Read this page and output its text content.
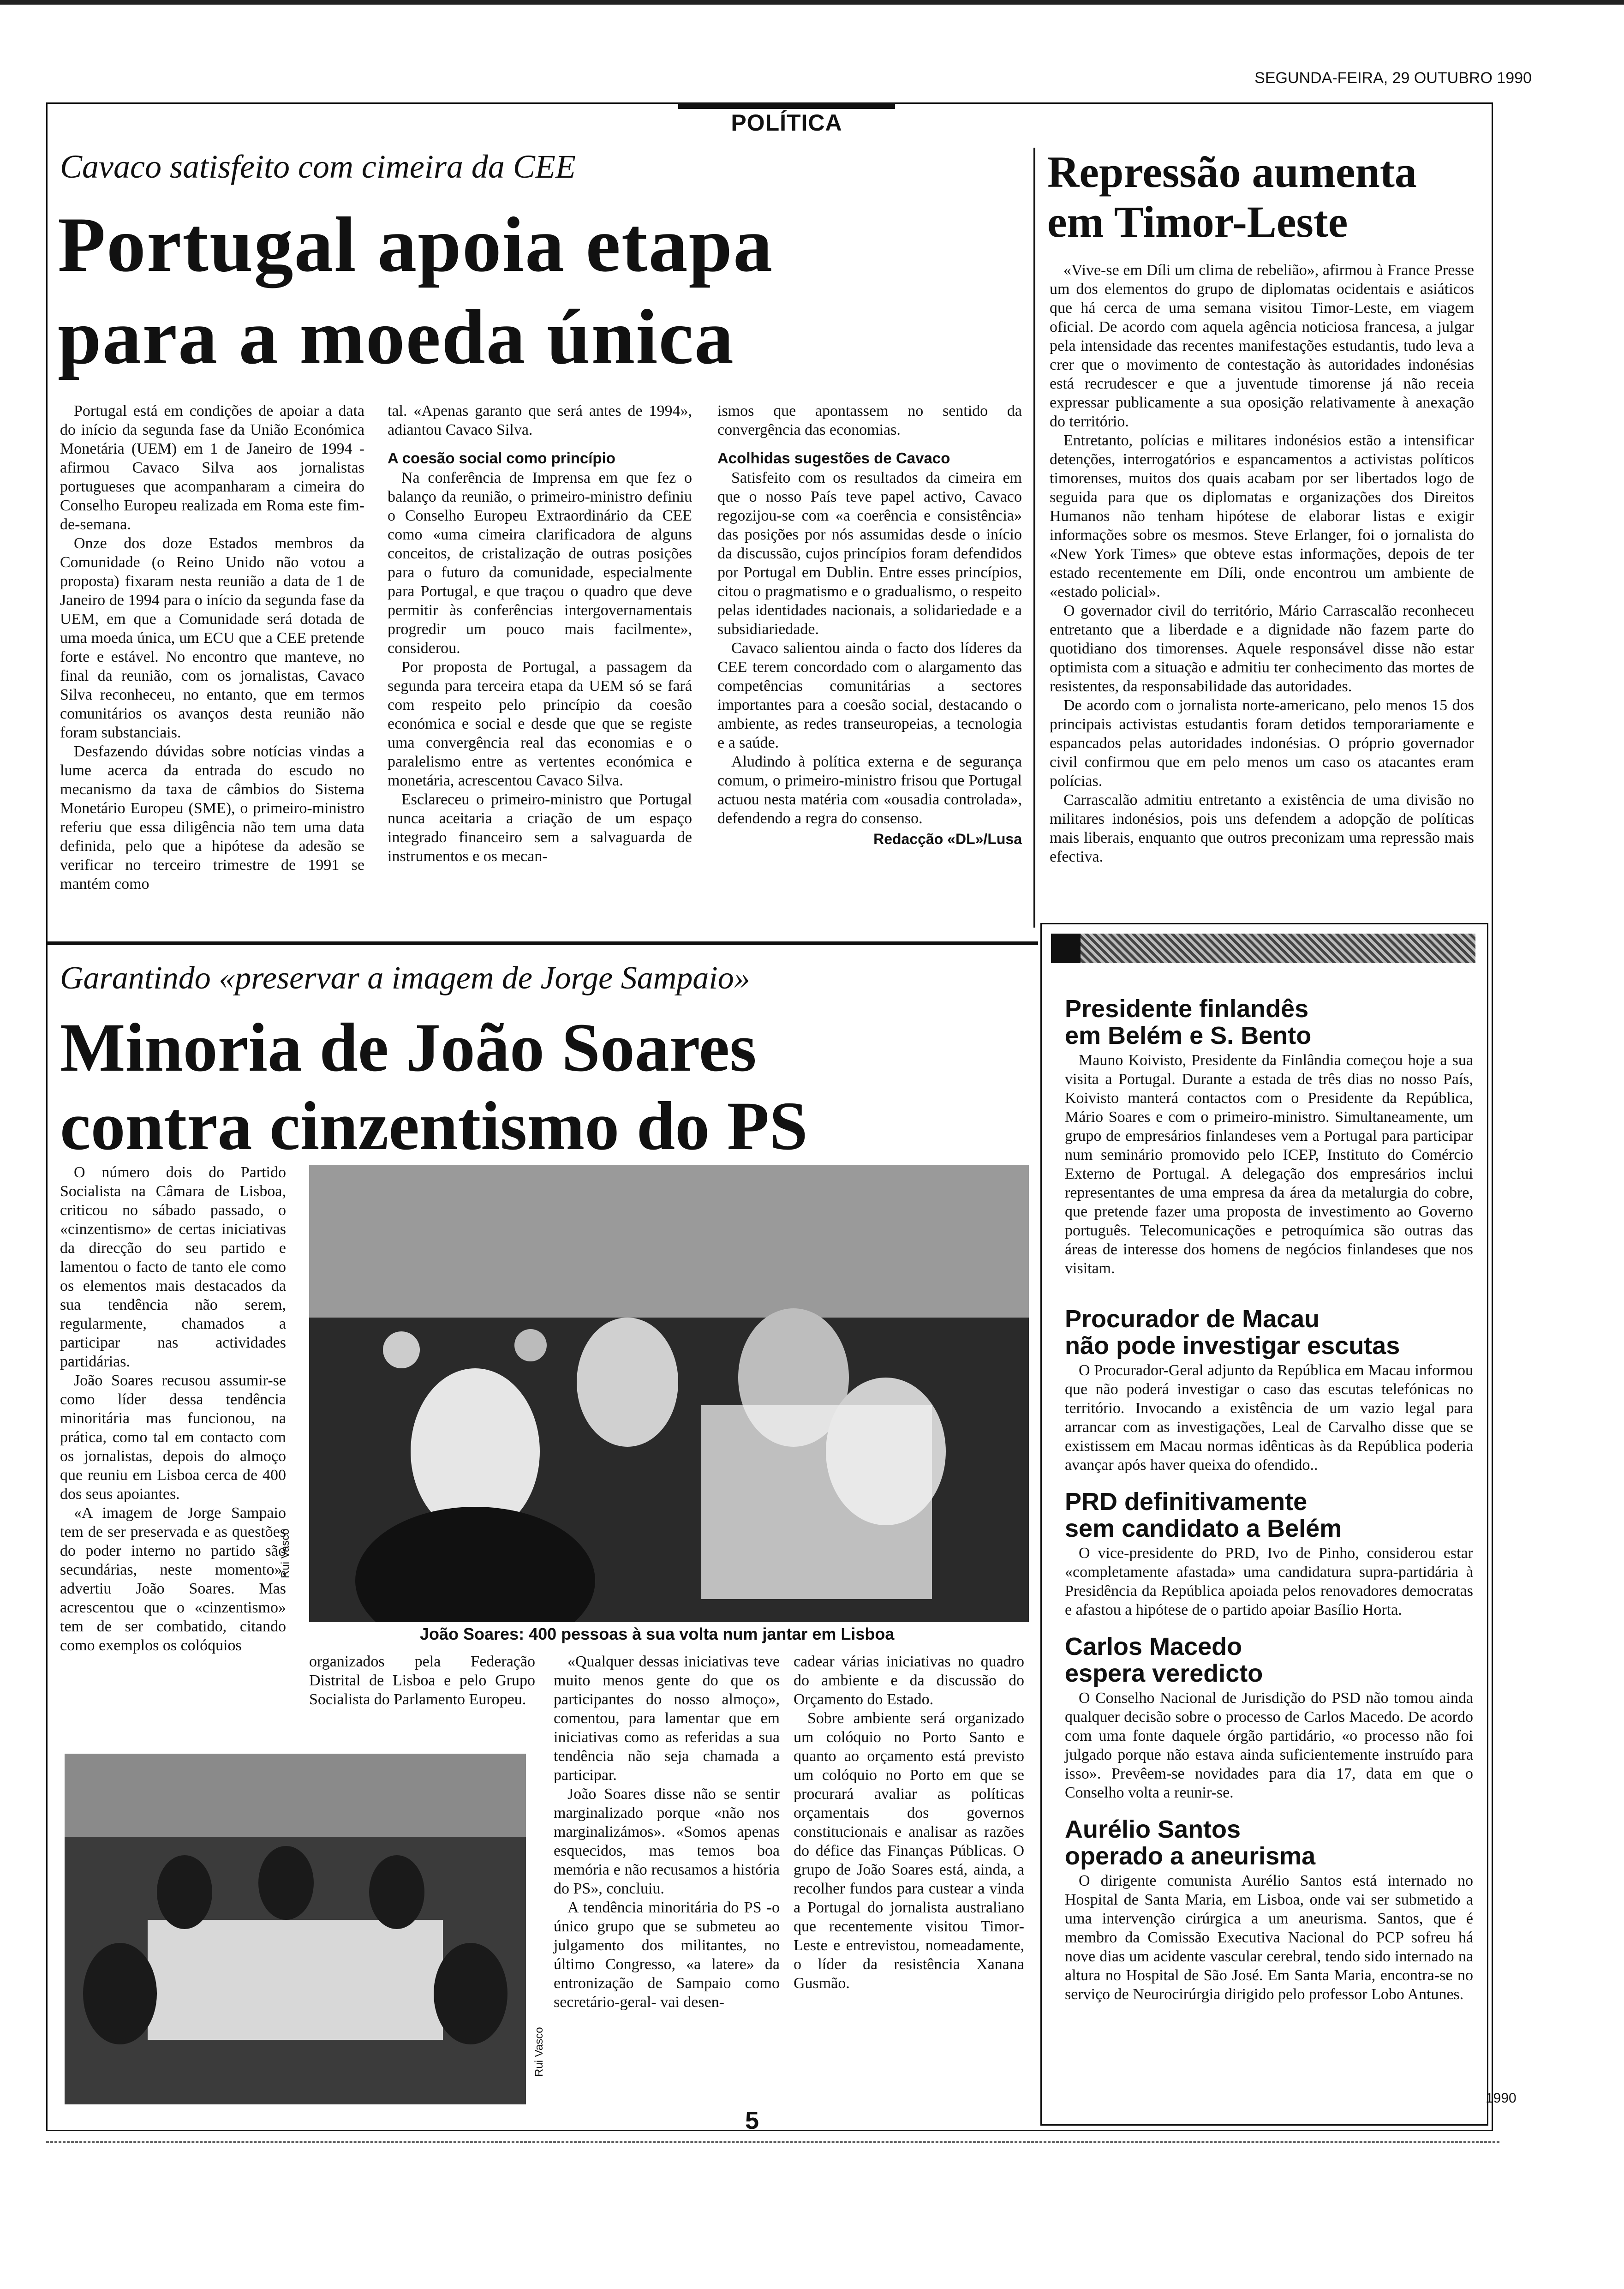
SEGUNDA-FEIRA, 29 OUTUBRO 1990
POLÍTICA
Cavaco satisfeito com cimeira da CEE
Portugal apoia etapa
para a moeda única

Portugal está em condições de apoiar a data do início da segunda fase da União Económica Monetária (UEM) em 1 de Janeiro de 1994 - afirmou Cavaco Silva aos jornalistas portugueses que acompanharam a cimeira do Conselho Europeu realizada em Roma este fim-de-semana.

Onze dos doze Estados membros da Comunidade (o Reino Unido não votou a proposta) fixaram nesta reunião a data de 1 de Janeiro de 1994 para o início da segunda fase da UEM, em que a Comunidade será dotada de uma moeda única, um ECU que a CEE pretende forte e estável. No encontro que manteve, no final da reunião, com os jornalistas, Cavaco Silva reconheceu, no entanto, que em termos comunitários os avanços desta reunião não foram substanciais.

Desfazendo dúvidas sobre notícias vindas a lume acerca da entrada do escudo no mecanismo da taxa de câmbios do Sistema Monetário Europeu (SME), o primeiro-ministro referiu que essa diligência não tem uma data definida, pelo que a hipótese da adesão se verificar no terceiro trimestre de 1991 se mantém como

tal. «Apenas garanto que será antes de 1994», adiantou Cavaco Silva.

A coesão social como princípio

Na conferência de Imprensa em que fez o balanço da reunião, o primeiro-ministro definiu o Conselho Europeu Extraordinário da CEE como «uma cimeira clarificadora de alguns conceitos, de cristalização de outras posições para o futuro da comunidade, especialmente para Portugal, e que traçou o quadro que deve permitir às conferências intergovernamentais progredir um pouco mais facilmente», considerou.

Por proposta de Portugal, a passagem da segunda para terceira etapa da UEM só se fará com respeito pelo princípio da coesão económica e social e desde que que se registe uma convergência real das economias e o paralelismo entre as vertentes económica e monetária, acrescentou Cavaco Silva.

Esclareceu o primeiro-ministro que Portugal nunca aceitaria a criação de um espaço integrado financeiro sem a salvaguarda de instrumentos e os mecan-

ismos que apontassem no sentido da convergência das economias.

Acolhidas sugestões de Cavaco

Satisfeito com os resultados da cimeira em que o nosso País teve papel activo, Cavaco regozijou-se com «a coerência e consistência» das posições por nós assumidas desde o início da discussão, cujos princípios foram defendidos por Portugal em Dublin. Entre esses princípios, citou o pragmatismo e o gradualismo, o respeito pelas identidades nacionais, a solidariedade e a subsidiariedade.

Cavaco salientou ainda o facto dos líderes da CEE terem concordado com o alargamento das competências comunitárias a sectores importantes para a coesão social, destacando o ambiente, as redes transeuropeias, a tecnologia e a saúde.

Aludindo à política externa e de segurança comum, o primeiro-ministro frisou que Portugal actuou nesta matéria com «ousadia controlada», defendendo a regra do consenso.

Redacção «DL»/Lusa
Repressão aumenta
em Timor-Leste

«Vive-se em Díli um clima de rebelião», afirmou à France Presse um dos elementos do grupo de diplomatas ocidentais e asiáticos que há cerca de uma semana visitou Timor-Leste, em viagem oficial. De acordo com aquela agência noticiosa francesa, a julgar pela intensidade das recentes manifestações estudantis, tudo leva a crer que o movimento de contestação às autoridades indonésias está recrudescer e que a juventude timorense já não receia expressar publicamente a sua oposição relativamente à anexação do território.

Entretanto, polícias e militares indonésios estão a intensificar detenções, interrogatórios e espancamentos a activistas políticos timorenses, muitos dos quais acabam por ser libertados logo de seguida para que os diplomatas e organizações dos Direitos Humanos não tenham hipótese de elaborar listas e exigir informações sobre os mesmos. Steve Erlanger, foi o jornalista do «New York Times» que obteve estas informações, depois de ter estado recentemente em Díli, onde encontrou um ambiente de «estado policial».

O governador civil do território, Mário Carrascalão reconheceu entretanto que a liberdade e a dignidade não fazem parte do quotidiano dos timorenses. Aquele responsável disse não estar optimista com a situação e admitiu ter conhecimento das mortes de resistentes, da responsabilidade das autoridades.

De acordo com o jornalista norte-americano, pelo menos 15 dos principais activistas estudantis foram detidos temporariamente e espancados pelas autoridades indonésias. O próprio governador civil confirmou que em pelo menos um caso os atacantes eram polícias.

Carrascalão admitiu entretanto a existência de uma divisão no militares indonésios, pois uns defendem a adopção de políticas mais liberais, enquanto que outros preconizam uma repressão mais efectiva.

Garantindo «preservar a imagem de Jorge Sampaio»
Minoria de João Soares
contra cinzentismo do PS

O número dois do Partido Socialista na Câmara de Lisboa, criticou no sábado passado, o «cinzentismo» de certas iniciativas da direcção do seu partido e lamentou o facto de tanto ele como os elementos mais destacados da sua tendência não serem, regularmente, chamados a participar nas actividades partidárias.

João Soares recusou assumir-se como líder dessa tendência minoritária mas funcionou, na prática, como tal em contacto com os jornalistas, depois do almoço que reuniu em Lisboa cerca de 400 dos seus apoiantes.

«A imagem de Jorge Sampaio tem de ser preservada e as questões do poder interno no partido são secundárias, neste momento», advertiu João Soares. Mas acrescentou que o «cinzentismo» tem de ser combatido, citando como exemplos os colóquios

Rui Vasco
João Soares: 400 pessoas à sua volta num jantar em Lisboa

organizados pela Federação Distrital de Lisboa e pelo Grupo Socialista do Parlamento Europeu.

«Qualquer dessas iniciativas teve muito menos gente do que os participantes do nosso almoço», comentou, para lamentar que em iniciativas como as referidas a sua tendência não seja chamada a participar.

João Soares disse não se sentir marginalizado porque «não nos marginalizámos». «Somos apenas esquecidos, mas temos boa memória e não recusamos a história do PS», concluiu.

A tendência minoritária do PS -o único grupo que se submeteu ao julgamento dos militantes, no último Congresso, «a latere» da entronização de Sampaio como secretário-geral- vai desen-

cadear várias iniciativas no quadro do ambiente e da discussão do Orçamento do Estado.

Sobre ambiente será organizado um colóquio no Porto Santo e quanto ao orçamento está previsto um colóquio no Porto em que se procurará avaliar as políticas orçamentais dos governos constitucionais e analisar as razões do défice das Finanças Públicas. O grupo de João Soares está, ainda, a recolher fundos para custear a vinda a Portugal do jornalista australiano que recentemente visitou Timor-Leste e entrevistou, nomeadamente, o líder da resistência Xanana Gusmão.

Rui Vasco
Presidente finlandês
em Belém e S. Bento

Mauno Koivisto, Presidente da Finlândia começou hoje a sua visita a Portugal. Durante a estada de três dias no nosso País, Koivisto manterá contactos com o Presidente da República, Mário Soares e com o primeiro-ministro. Simultaneamente, um grupo de empresários finlandeses vem a Portugal para participar num seminário promovido pelo ICEP, Instituto do Comércio Externo de Portugal. A delegação dos empresários inclui representantes de uma empresa da área da metalurgia do cobre, que pretende fazer uma proposta de investimento ao Governo português. Telecomunicações e petroquímica são outras das áreas de interesse dos homens de negócios finlandeses que nos visitam.

Procurador de Macau
não pode investigar escutas

O Procurador-Geral adjunto da República em Macau informou que não poderá investigar o caso das escutas telefónicas no território. Invocando a existência de um vazio legal para arrancar com as investigações, Leal de Carvalho disse que se existissem em Macau normas idênticas às da República poderia avançar após haver queixa do ofendido..

PRD definitivamente
sem candidato a Belém

O vice-presidente do PRD, Ivo de Pinho, considerou estar «completamente afastada» uma candidatura supra-partidária à Presidência da República apoiada pelos renovadores democratas e afastou a hipótese de o partido apoiar Basílio Horta.

Carlos Macedo
espera veredicto

O Conselho Nacional de Jurisdição do PSD não tomou ainda qualquer decisão sobre o processo de Carlos Macedo. De acordo com uma fonte daquele órgão partidário, «o processo não foi julgado porque não estava ainda suficientemente instruído para isso». Prevêem-se novidades para dia 17, data em que o Conselho volta a reunir-se.

Aurélio Santos
operado a aneurisma

O dirigente comunista Aurélio Santos está internado no Hospital de Santa Maria, em Lisboa, onde vai ser submetido a uma intervenção cirúrgica a um aneurisma. Santos, que é membro da Comissão Executiva Nacional do PCP sofreu há nove dias um acidente vascular cerebral, tendo sido internado na altura no Hospital de São José. Em Santa Maria, encontra-se no serviço de Neurocirúrgia dirigido pelo professor Lobo Antunes.

5
1990
